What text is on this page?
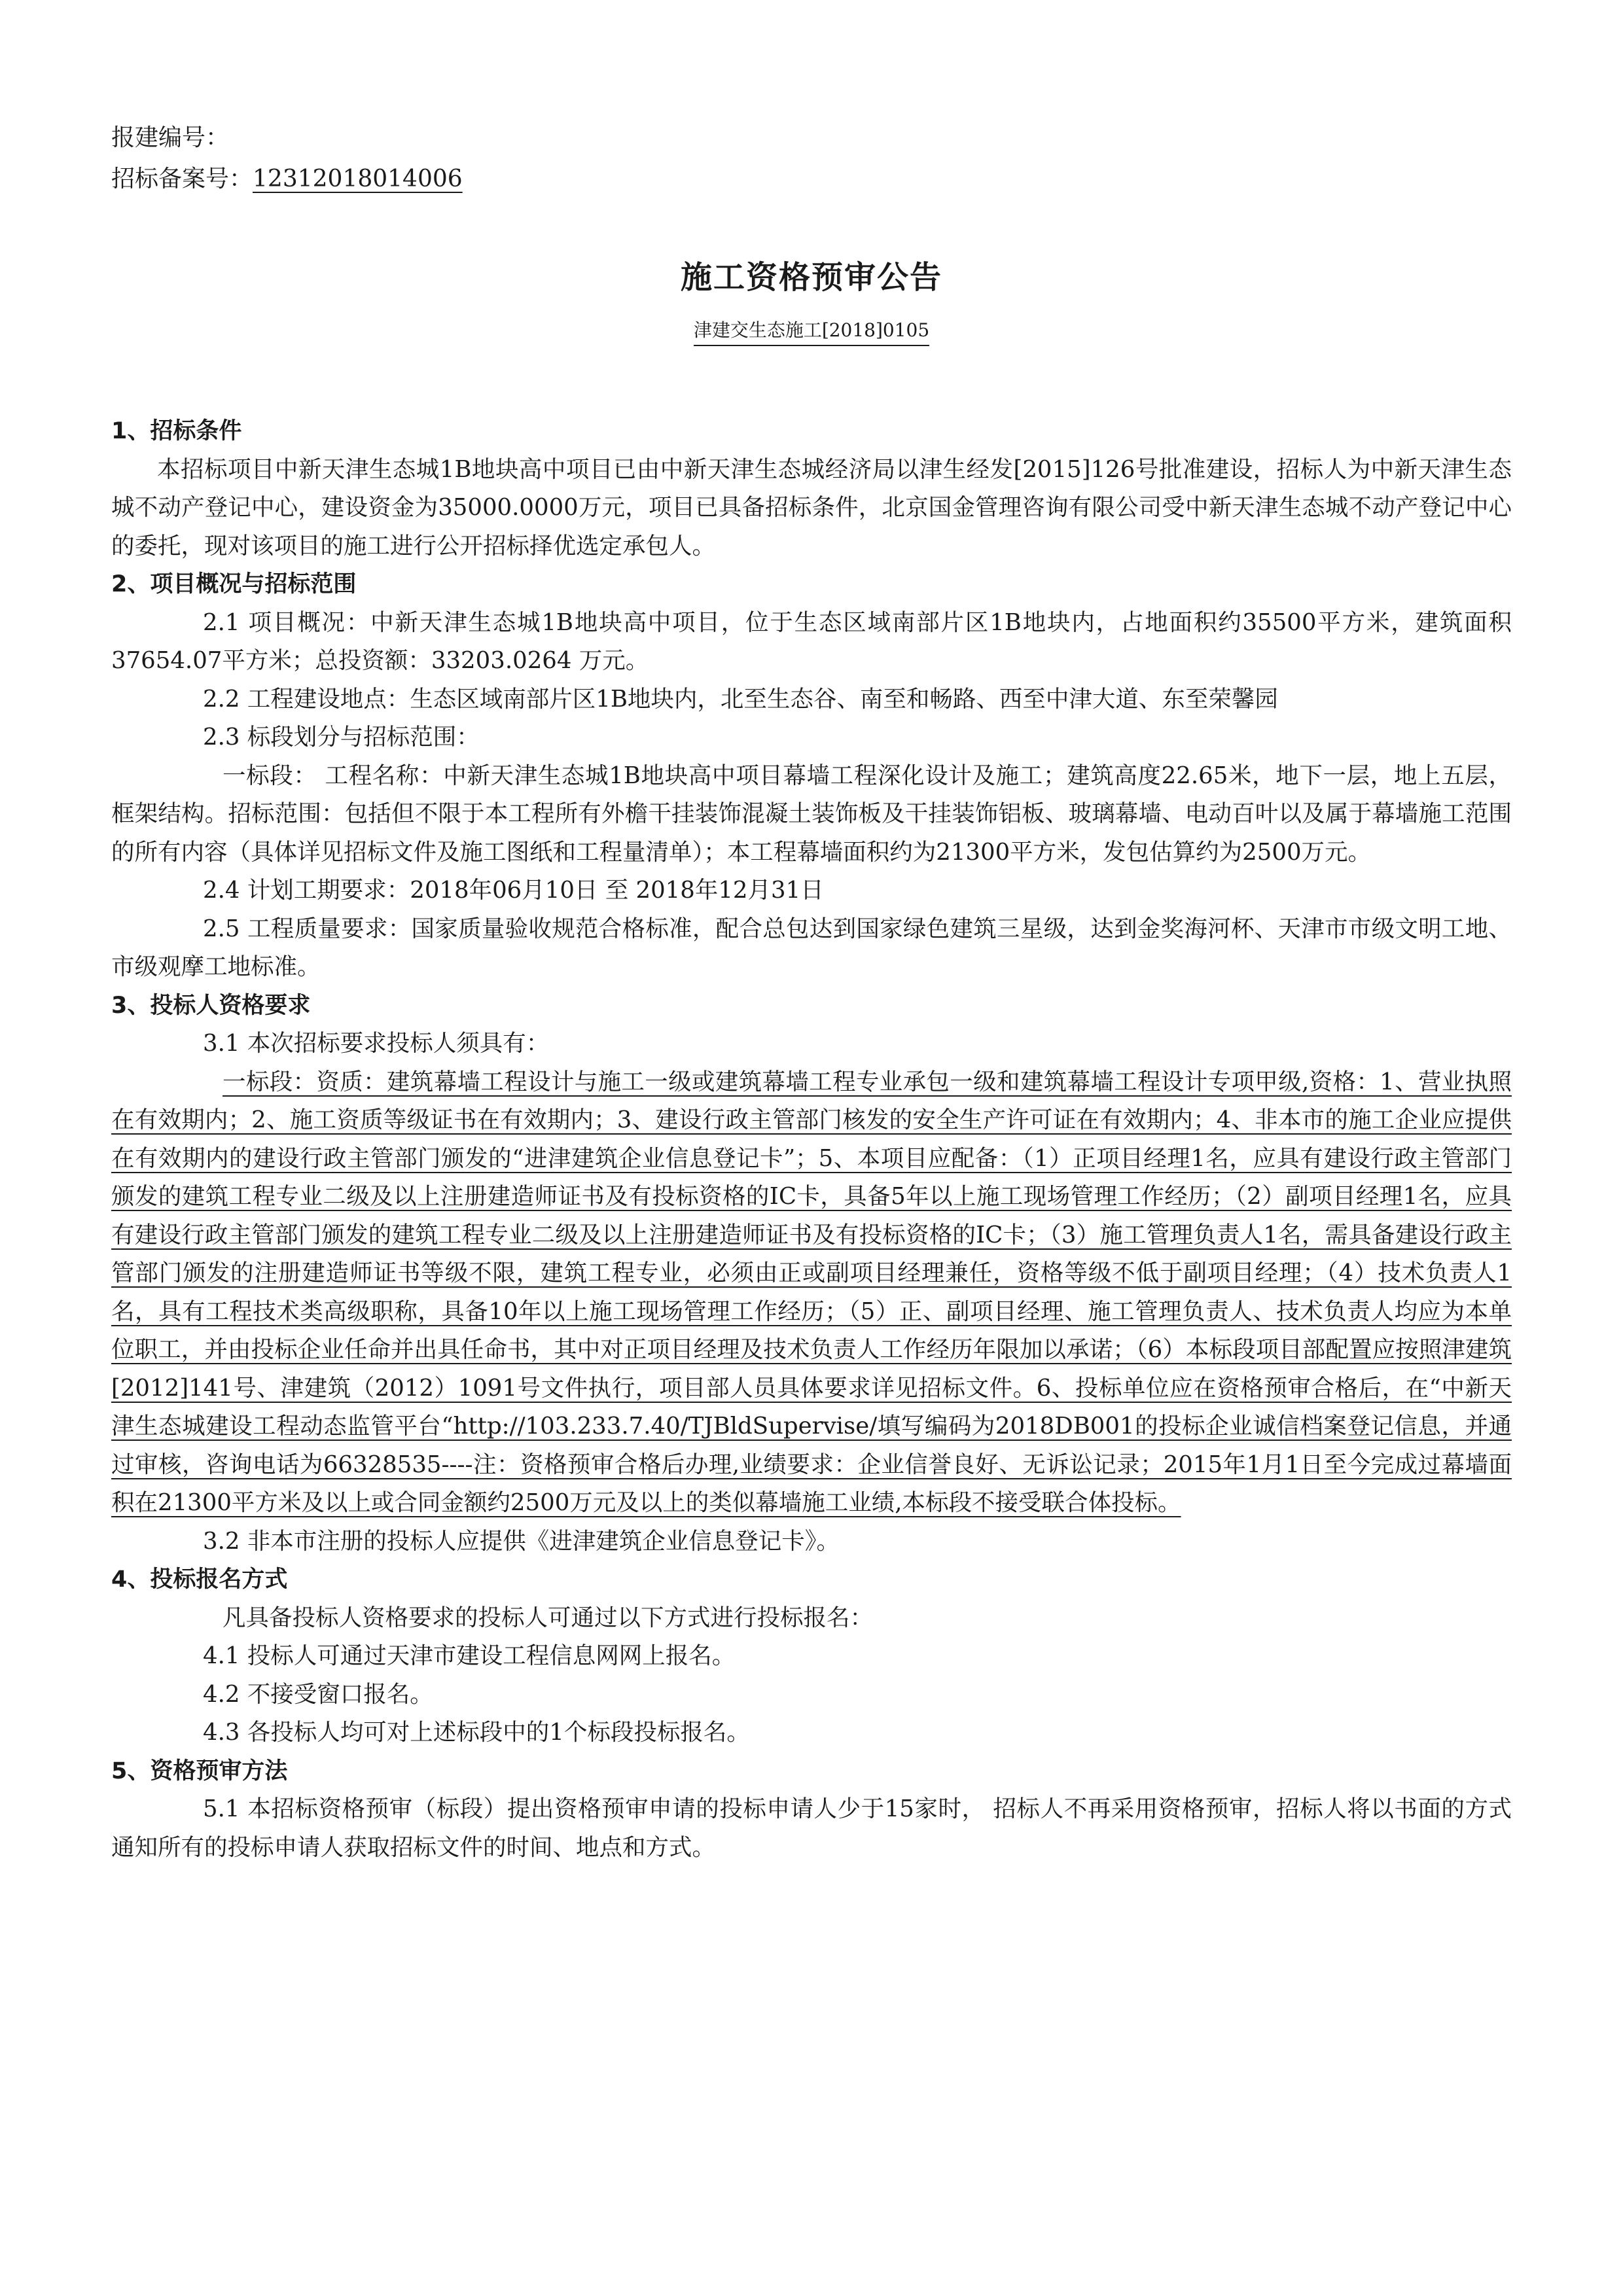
报建编号：
招标备案号：12312018014006
施工资格预审公告
津建交生态施工[2018]0105

1、招标条件

本招标项目中新天津生态城1B地块高中项目已由中新天津生态城经济局以津生经发[2015]126号批准建设，招标人为中新天津生态城不动产登记中心，建设资金为35000.0000万元，项目已具备招标条件，北京国金管理咨询有限公司受中新天津生态城不动产登记中心的委托，现对该项目的施工进行公开招标择优选定承包人。

2、项目概况与招标范围

2.1 项目概况：中新天津生态城1B地块高中项目，位于生态区域南部片区1B地块内，占地面积约35500平方米，建筑面积37654.07平方米；总投资额：33203.0264 万元。

2.2 工程建设地点：生态区域南部片区1B地块内，北至生态谷、南至和畅路、西至中津大道、东至荣馨园

2.3 标段划分与招标范围：

一标段： 工程名称：中新天津生态城1B地块高中项目幕墙工程深化设计及施工；建筑高度22.65米，地下一层，地上五层，框架结构。招标范围：包括但不限于本工程所有外檐干挂装饰混凝土装饰板及干挂装饰铝板、玻璃幕墙、电动百叶以及属于幕墙施工范围的所有内容（具体详见招标文件及施工图纸和工程量清单）；本工程幕墙面积约为21300平方米，发包估算约为2500万元。

2.4 计划工期要求：2018年06月10日 至 2018年12月31日

2.5 工程质量要求：国家质量验收规范合格标准，配合总包达到国家绿色建筑三星级，达到金奖海河杯、天津市市级文明工地、市级观摩工地标准。

3、投标人资格要求

3.1 本次招标要求投标人须具有：

一标段：资质：建筑幕墙工程设计与施工一级或建筑幕墙工程专业承包一级和建筑幕墙工程设计专项甲级,资格：1、营业执照在有效期内；2、施工资质等级证书在有效期内；3、建设行政主管部门核发的安全生产许可证在有效期内；4、非本市的施工企业应提供在有效期内的建设行政主管部门颁发的“进津建筑企业信息登记卡”；5、本项目应配备：（1）正项目经理1名，应具有建设行政主管部门颁发的建筑工程专业二级及以上注册建造师证书及有投标资格的IC卡，具备5年以上施工现场管理工作经历；（2）副项目经理1名，应具有建设行政主管部门颁发的建筑工程专业二级及以上注册建造师证书及有投标资格的IC卡；（3）施工管理负责人1名，需具备建设行政主管部门颁发的注册建造师证书等级不限，建筑工程专业，必须由正或副项目经理兼任，资格等级不低于副项目经理；（4）技术负责人1名，具有工程技术类高级职称，具备10年以上施工现场管理工作经历；（5）正、副项目经理、施工管理负责人、技术负责人均应为本单位职工，并由投标企业任命并出具任命书，其中对正项目经理及技术负责人工作经历年限加以承诺；（6）本标段项目部配置应按照津建筑[2012]141号、津建筑（2012）1091号文件执行，项目部人员具体要求详见招标文件。6、投标单位应在资格预审合格后，在“中新天津生态城建设工程动态监管平台“http://103.233.7.40/TJBldSupervise/填写编码为2018DB001的投标企业诚信档案登记信息，并通过审核，咨询电话为66328535----注：资格预审合格后办理,业绩要求：企业信誉良好、无诉讼记录；2015年1月1日至今完成过幕墙面积在21300平方米及以上或合同金额约2500万元及以上的类似幕墙施工业绩,本标段不接受联合体投标。

3.2 非本市注册的投标人应提供《进津建筑企业信息登记卡》。

4、投标报名方式

凡具备投标人资格要求的投标人可通过以下方式进行投标报名：

4.1 投标人可通过天津市建设工程信息网网上报名。

4.2 不接受窗口报名。

4.3 各投标人均可对上述标段中的1个标段投标报名。

5、资格预审方法

5.1 本招标资格预审（标段）提出资格预审申请的投标申请人少于15家时， 招标人不再采用资格预审，招标人将以书面的方式通知所有的投标申请人获取招标文件的时间、地点和方式。
